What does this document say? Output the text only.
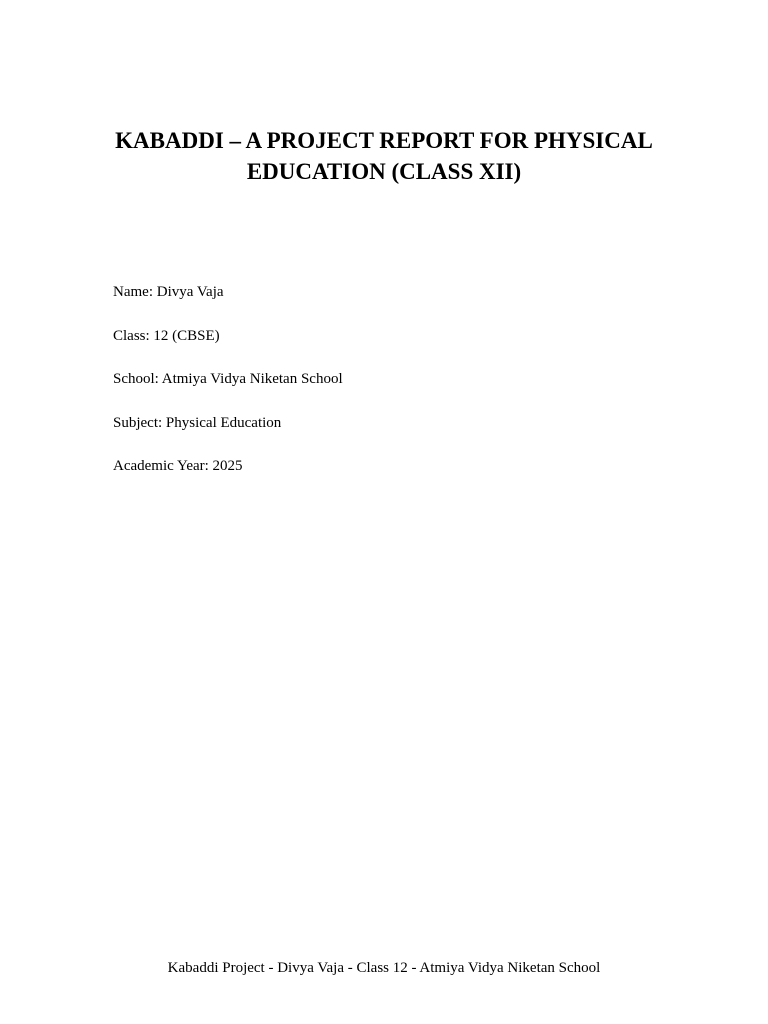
KABADDI – A PROJECT REPORT FOR PHYSICAL
EDUCATION (CLASS XII)
Name: Divya Vaja
Class: 12 (CBSE)
School: Atmiya Vidya Niketan School
Subject: Physical Education
Academic Year: 2025
Kabaddi Project - Divya Vaja - Class 12 - Atmiya Vidya Niketan School
